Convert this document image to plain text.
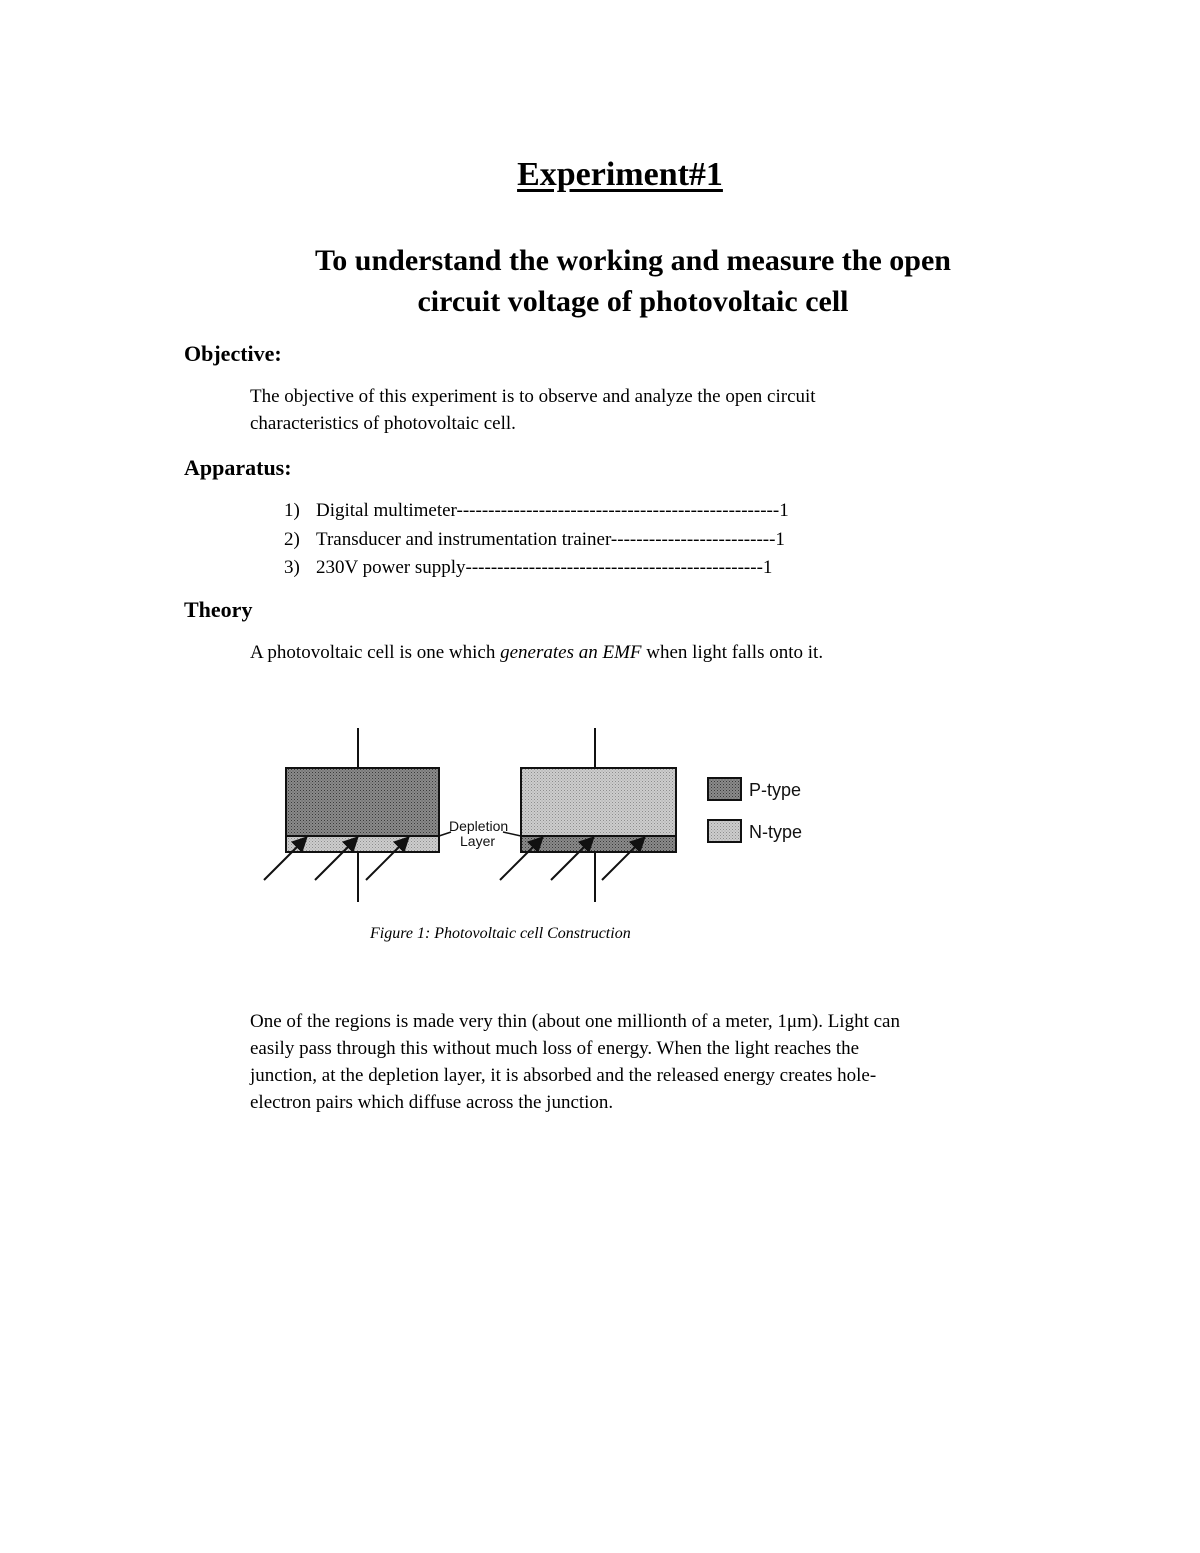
Experiment#1
To understand the working and measure the open
circuit voltage of photovoltaic cell
Objective:
The objective of this experiment is to observe and analyze the open circuit
characteristics of photovoltaic cell.
Apparatus:
1) Digital multimeter---------------------------------------------------1
2) Transducer and instrumentation trainer--------------------------1
3) 230V power supply-----------------------------------------------1
Theory
A photovoltaic cell is one which generates an EMF when light falls onto it.
Depletion
Layer
P-type
N-type
Figure 1: Photovoltaic cell Construction
One of the regions is made very thin (about one millionth of a meter, 1μm). Light can
easily pass through this without much loss of energy. When the light reaches the
junction, at the depletion layer, it is absorbed and the released energy creates hole-
electron pairs which diffuse across the junction.
